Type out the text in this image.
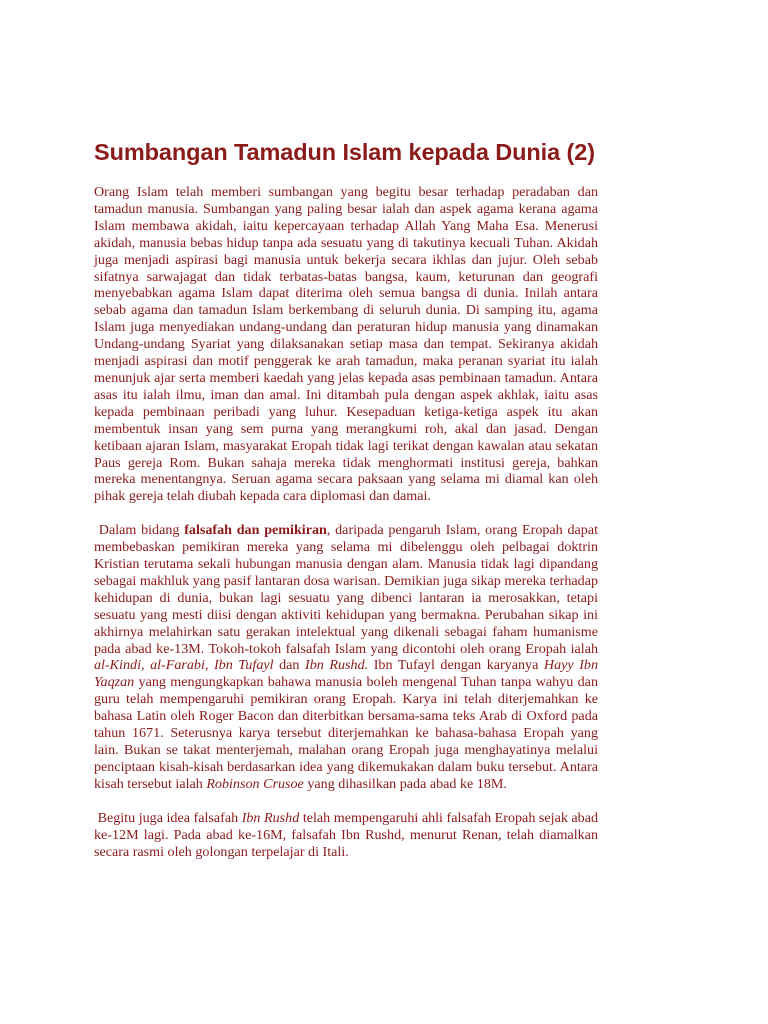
Sumbangan Tamadun Islam kepada Dunia (2)

Orang Islam telah memberi sumbangan yang begitu besar terhadap peradaban dan tamadun manusia. Sumbangan yang paling besar ialah dan aspek agama kerana agama Islam membawa akidah, iaitu kepercayaan terhadap Allah Yang Maha Esa. Menerusi akidah, manusia bebas hidup tanpa ada sesuatu yang di takutinya kecuali Tuhan. Akidah juga menjadi aspirasi bagi manusia untuk bekerja secara ikhlas dan jujur. Oleh sebab sifatnya sarwajagat dan tidak terbatas-batas bangsa, kaum, keturunan dan geografi menyebabkan agama Islam dapat diterima oleh semua bangsa di dunia. Inilah antara sebab agama dan tamadun Islam berkembang di seluruh dunia. Di samping itu, agama Islam juga menyediakan undang-undang dan peraturan hidup manusia yang dinamakan Undang-undang Syariat yang dilaksanakan setiap masa dan tempat. Sekiranya akidah menjadi aspirasi dan motif penggerak ke arah tamadun, maka peranan syariat itu ialah menunjuk ajar serta memberi kaedah yang jelas kepada asas pembinaan tamadun. Antara asas itu ialah ilmu, iman dan amal. Ini ditambah pula dengan aspek akhlak, iaitu asas kepada pembinaan peribadi yang luhur. Kesepaduan ketiga-ketiga aspek itu akan membentuk insan yang sem purna yang merangkumi roh, akal dan jasad. Dengan ketibaan ajaran Islam, masyarakat Eropah tidak lagi terikat dengan kawalan atau sekatan Paus gereja Rom. Bukan sahaja mereka tidak menghormati institusi gereja, bahkan mereka menentangnya. Seruan agama secara paksaan yang selama mi diamal kan oleh pihak gereja telah diubah kepada cara diplomasi dan damai.

Dalam bidang falsafah dan pemikiran, daripada pengaruh Islam, orang Eropah dapat membebaskan pemikiran mereka yang selama mi dibelenggu oleh pelbagai doktrin Kristian terutama sekali hubungan manusia dengan alam. Manusia tidak lagi dipandang sebagai makhluk yang pasif lantaran dosa warisan. Demikian juga sikap mereka terhadap kehidupan di dunia, bukan lagi sesuatu yang dibenci lantaran ia merosakkan, tetapi sesuatu yang mesti diisi dengan aktiviti kehidupan yang bermakna. Perubahan sikap ini akhirnya melahirkan satu gerakan intelektual yang dikenali sebagai faham humanisme pada abad ke-13M. Tokoh-tokoh falsafah Islam yang dicontohi oleh orang Eropah ialah al-Kindi, al-Farabi, Ibn Tufayl dan Ibn Rushd. Ibn Tufayl dengan karyanya Hayy Ibn Yaqzan yang mengungkapkan bahawa manusia boleh mengenal Tuhan tanpa wahyu dan guru telah mempengaruhi pemikiran orang Eropah. Karya ini telah diterjemahkan ke bahasa Latin oleh Roger Bacon dan diterbitkan bersama-sama teks Arab di Oxford pada tahun 1671. Seterusnya karya tersebut diterjemahkan ke bahasa-bahasa Eropah yang lain. Bukan se takat menterjemah, malahan orang Eropah juga menghayatinya melalui penciptaan kisah-kisah berdasarkan idea yang dikemukakan dalam buku tersebut. Antara kisah tersebut ialah Robinson Crusoe yang dihasilkan pada abad ke 18M.

Begitu juga idea falsafah Ibn Rushd telah mempengaruhi ahli falsafah Eropah sejak abad ke-12M lagi. Pada abad ke-16M, falsafah Ibn Rushd, menurut Renan, telah diamalkan secara rasmi oleh golongan terpelajar di Itali.
